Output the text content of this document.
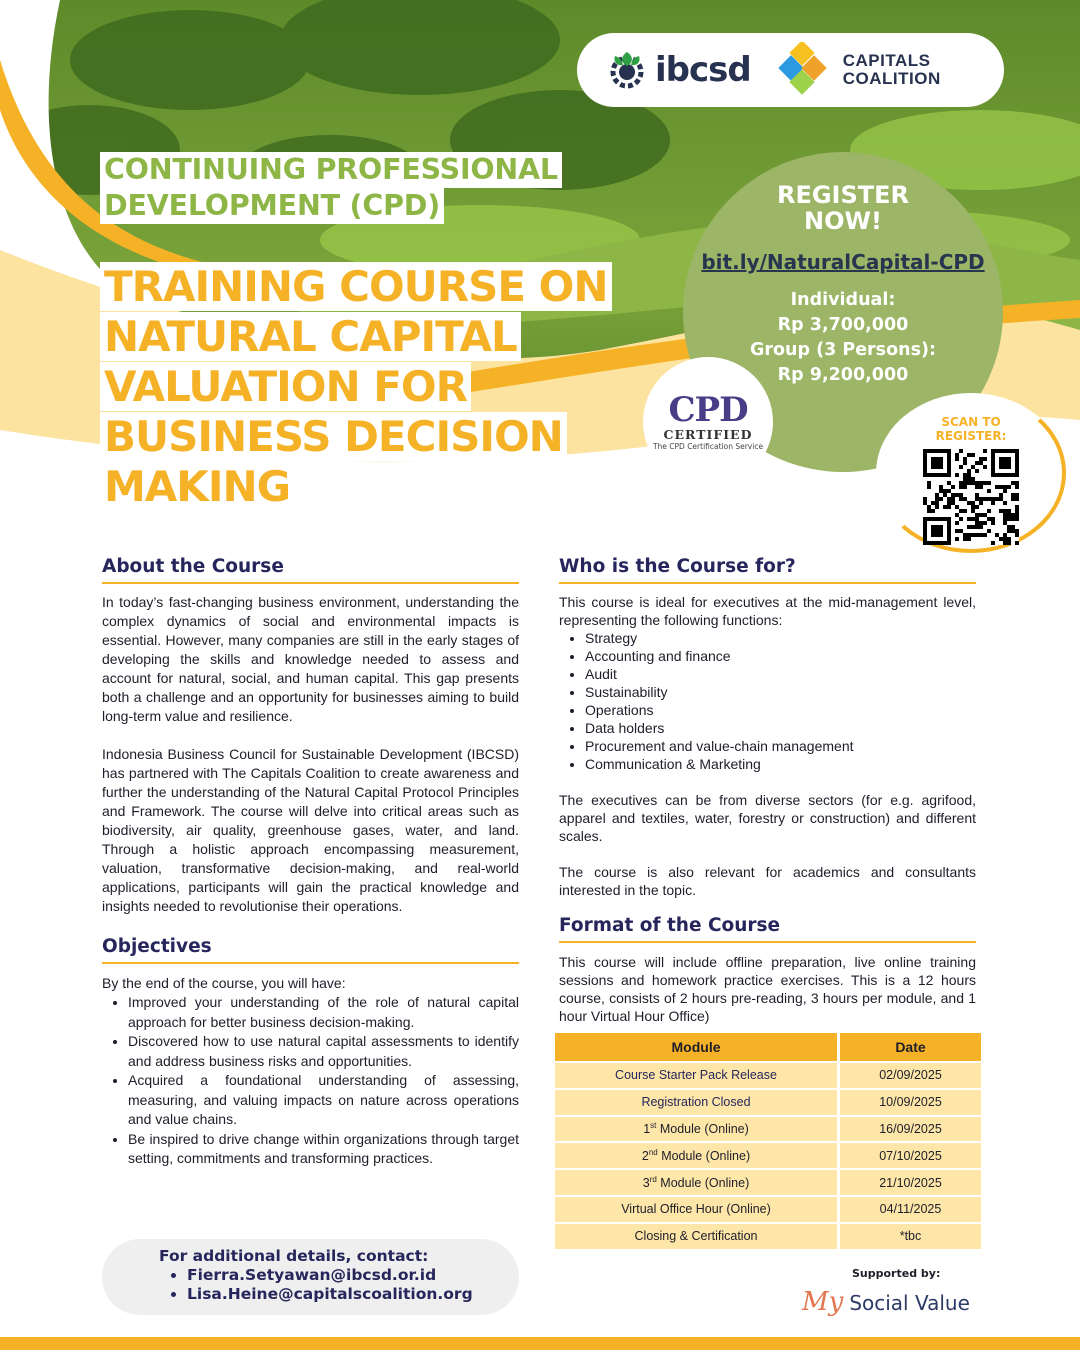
ibcsd	CAPITALS
COALITION
CONTINUING PROFESSIONAL
DEVELOPMENT (CPD)
TRAINING COURSE ON
NATURAL CAPITAL
VALUATION FOR
BUSINESS DECISION
MAKING
REGISTER
NOW!
bit.ly/NaturalCapital-CPD
Individual:
Rp 3,700,000
Group (3 Persons):
Rp 9,200,000
CPD
CERTIFIED
The CPD Certification Service
SCAN TO
REGISTER:
About the Course

In today’s fast-changing business environment, understanding the complex dynamics of social and environmental impacts is essential. However, many companies are still in the early stages of developing the skills and knowledge needed to assess and account for natural, social, and human capital. This gap presents both a challenge and an opportunity for businesses aiming to build long-term value and resilience.

Indonesia Business Council for Sustainable Development (IBCSD) has partnered with The Capitals Coalition to create awareness and further the understanding of the Natural Capital Protocol Principles and Framework. The course will delve into critical areas such as biodiversity, air quality, greenhouse gases, water, and land. Through a holistic approach encompassing measurement, valuation, transformative decision-making, and real-world applications, participants will gain the practical knowledge and insights needed to revolutionise their operations.

Objectives

By the end of the course, you will have:

• Improved your understanding of the role of natural capital approach for better business decision-making.
• Discovered how to use natural capital assessments to identify and address business risks and opportunities.
• Acquired a foundational understanding of assessing, measuring, and valuing impacts on nature across operations and value chains.
• Be inspired to drive change within organizations through target setting, commitments and transforming practices.
For additional details, contact:
• Fierra.Setyawan@ibcsd.or.id
• Lisa.Heine@capitalscoalition.org
Who is the Course for?

This course is ideal for executives at the mid-management level, representing the following functions:

• Strategy
• Accounting and finance
• Audit
• Sustainability
• Operations
• Data holders
• Procurement and value-chain management
• Communication & Marketing

The executives can be from diverse sectors (for e.g. agrifood, apparel and textiles, water, forestry or construction) and different scales.

The course is also relevant for academics and consultants interested in the topic.

Format of the Course

This course will include offline preparation, live online training sessions and homework practice exercises. This is a 12 hours course, consists of 2 hours pre-reading, 3 hours per module, and 1 hour Virtual Hour Office)

Module	Date
Course Starter Pack Release	02/09/2025
Registration Closed	10/09/2025
1st Module (Online)	16/09/2025
2nd Module (Online)	07/10/2025
3rd Module (Online)	21/10/2025
Virtual Office Hour (Online)	04/11/2025
Closing & Certification	*tbc
Supported by:
My Social Value
